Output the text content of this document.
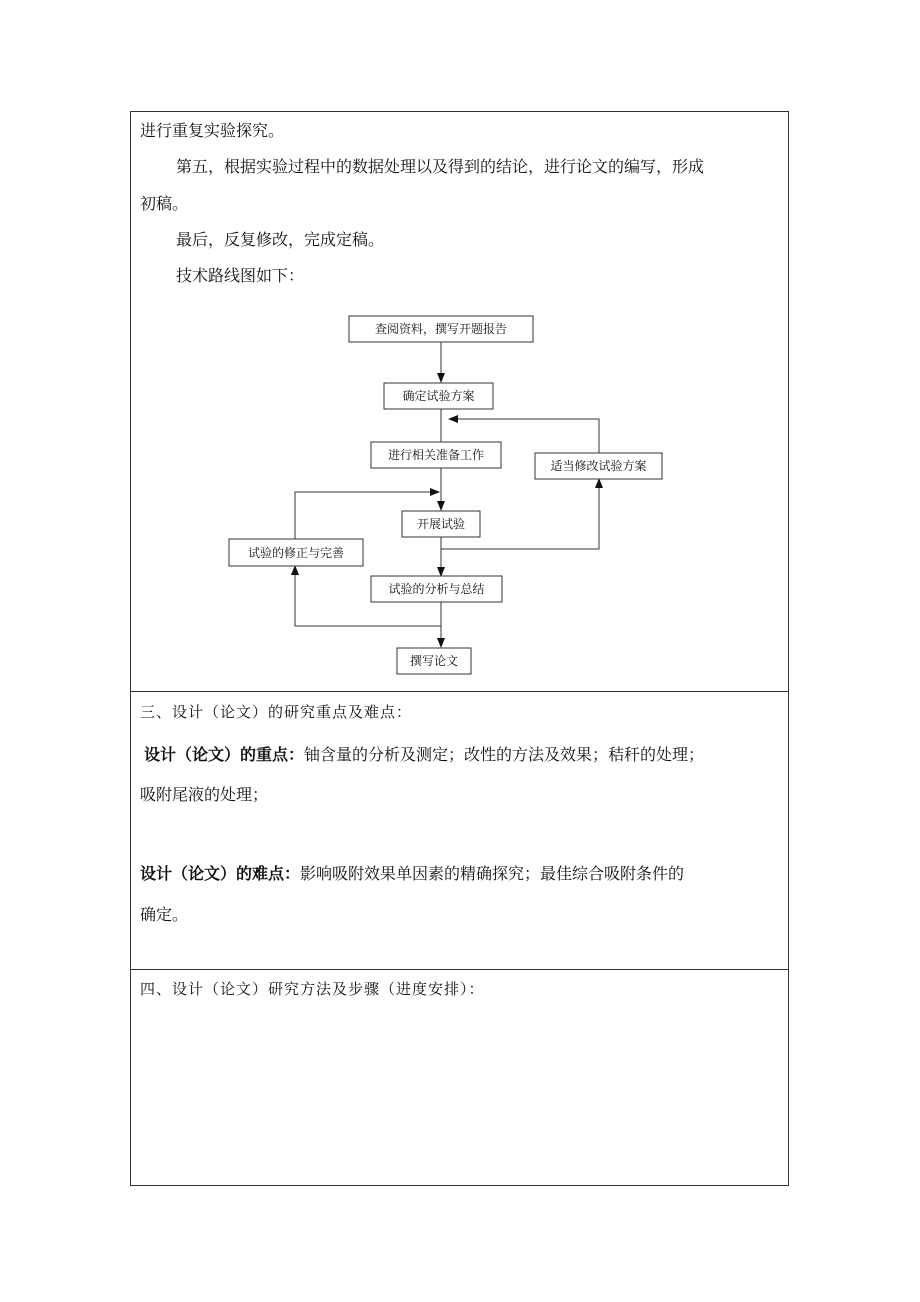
进行重复实验探究。
第五，根据实验过程中的数据处理以及得到的结论，进行论文的编写，形成
初稿。
最后，反复修改，完成定稿。
技术路线图如下：
查阅资料，撰写开题报告
确定试验方案
进行相关准备工作
适当修改试验方案
开展试验
试验的修正与完善
试验的分析与总结
撰写论文
三、设计（论文）的研究重点及难点：
设计（论文）的重点：铀含量的分析及测定；改性的方法及效果；秸秆的处理；
吸附尾液的处理；
设计（论文）的难点：影响吸附效果单因素的精确探究；最佳综合吸附条件的
确定。
四、设计（论文）研究方法及步骤（进度安排）：
